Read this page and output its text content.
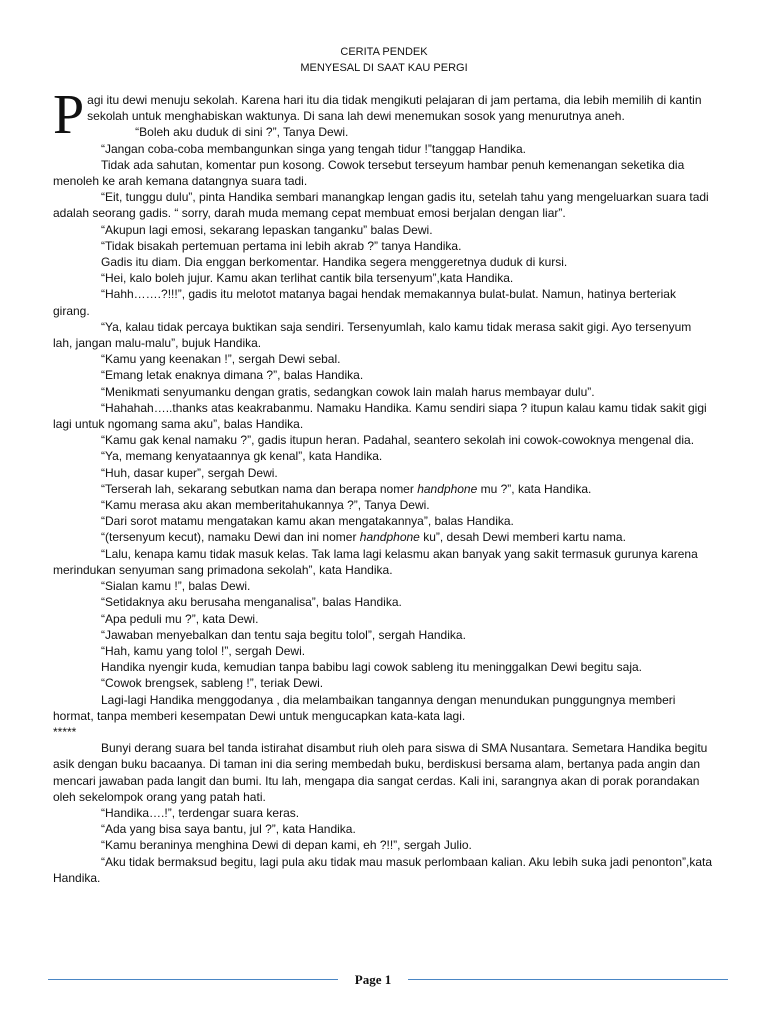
CERITA PENDEK
MENYESAL DI SAAT KAU PERGI

Pagi itu dewi menuju sekolah. Karena hari itu dia tidak mengikuti pelajaran di jam pertama, dia lebih memilih di kantin sekolah untuk menghabiskan waktunya. Di sana lah dewi menemukan sosok yang menurutnya aneh.

“Boleh aku duduk di sini ?”, Tanya Dewi.

“Jangan coba-coba membangunkan singa yang tengah tidur !”tanggap Handika.

Tidak ada sahutan, komentar pun kosong. Cowok tersebut terseyum hambar penuh kemenangan seketika dia menoleh ke arah kemana datangnya suara tadi.

“Eit, tunggu dulu”, pinta Handika sembari manangkap lengan gadis itu, setelah tahu yang mengeluarkan suara tadi adalah seorang gadis. “ sorry, darah muda memang cepat membuat emosi berjalan dengan liar”.

“Akupun lagi emosi, sekarang lepaskan tanganku” balas Dewi.

“Tidak bisakah pertemuan pertama ini lebih akrab ?” tanya Handika.

Gadis itu diam. Dia enggan berkomentar. Handika segera menggeretnya duduk di kursi.

“Hei, kalo boleh jujur. Kamu akan terlihat cantik bila tersenyum”,kata Handika.

“Hahh…….?!!!”, gadis itu melotot matanya bagai hendak memakannya bulat-bulat. Namun, hatinya berteriak girang.

“Ya, kalau tidak percaya buktikan saja sendiri. Tersenyumlah, kalo kamu tidak merasa sakit gigi. Ayo tersenyum lah, jangan malu-malu”, bujuk Handika.

“Kamu yang keenakan !”, sergah Dewi sebal.

“Emang letak enaknya dimana ?”, balas Handika.

“Menikmati senyumanku dengan gratis, sedangkan cowok lain malah harus membayar dulu”.

“Hahahah…..thanks atas keakrabanmu. Namaku Handika. Kamu sendiri siapa ? itupun kalau kamu tidak sakit gigi lagi untuk ngomang sama aku”, balas Handika.

“Kamu gak kenal namaku ?”, gadis itupun heran. Padahal, seantero sekolah ini cowok-cowoknya mengenal dia.

“Ya, memang kenyataannya gk kenal”, kata Handika.

“Huh, dasar kuper”, sergah Dewi.

“Terserah lah, sekarang sebutkan nama dan berapa nomer handphone mu ?”, kata Handika.

“Kamu merasa aku akan memberitahukannya ?”, Tanya Dewi.

“Dari sorot matamu mengatakan kamu akan mengatakannya”, balas Handika.

“(tersenyum kecut), namaku Dewi dan ini nomer handphone ku”, desah Dewi memberi kartu nama.

“Lalu, kenapa kamu tidak masuk kelas. Tak lama lagi kelasmu akan banyak yang sakit termasuk gurunya karena merindukan senyuman sang primadona sekolah”, kata Handika.

“Sialan kamu !”, balas Dewi.

“Setidaknya aku berusaha menganalisa”, balas Handika.

“Apa peduli mu ?”, kata Dewi.

“Jawaban menyebalkan dan tentu saja begitu tolol”, sergah Handika.

“Hah, kamu yang tolol !”, sergah Dewi.

Handika nyengir kuda, kemudian tanpa babibu lagi cowok sableng itu meninggalkan Dewi begitu saja.

“Cowok brengsek, sableng !”, teriak Dewi.

Lagi-lagi Handika menggodanya , dia melambaikan tangannya dengan menundukan punggungnya memberi hormat, tanpa memberi kesempatan Dewi untuk mengucapkan kata-kata lagi.

*****

Bunyi derang suara bel tanda istirahat disambut riuh oleh para siswa di SMA Nusantara. Semetara Handika begitu asik dengan buku bacaanya. Di taman ini dia sering membedah buku, berdiskusi bersama alam, bertanya pada angin dan mencari jawaban pada langit dan bumi. Itu lah, mengapa dia sangat cerdas. Kali ini, sarangnya akan di porak porandakan oleh sekelompok orang yang patah hati.

“Handika….!”, terdengar suara keras.

“Ada yang bisa saya bantu, jul ?”, kata Handika.

“Kamu beraninya menghina Dewi di depan kami, eh ?!!”, sergah Julio.

“Aku tidak bermaksud begitu, lagi pula aku tidak mau masuk perlombaan kalian. Aku lebih suka jadi penonton”,kata Handika.

Page 1
